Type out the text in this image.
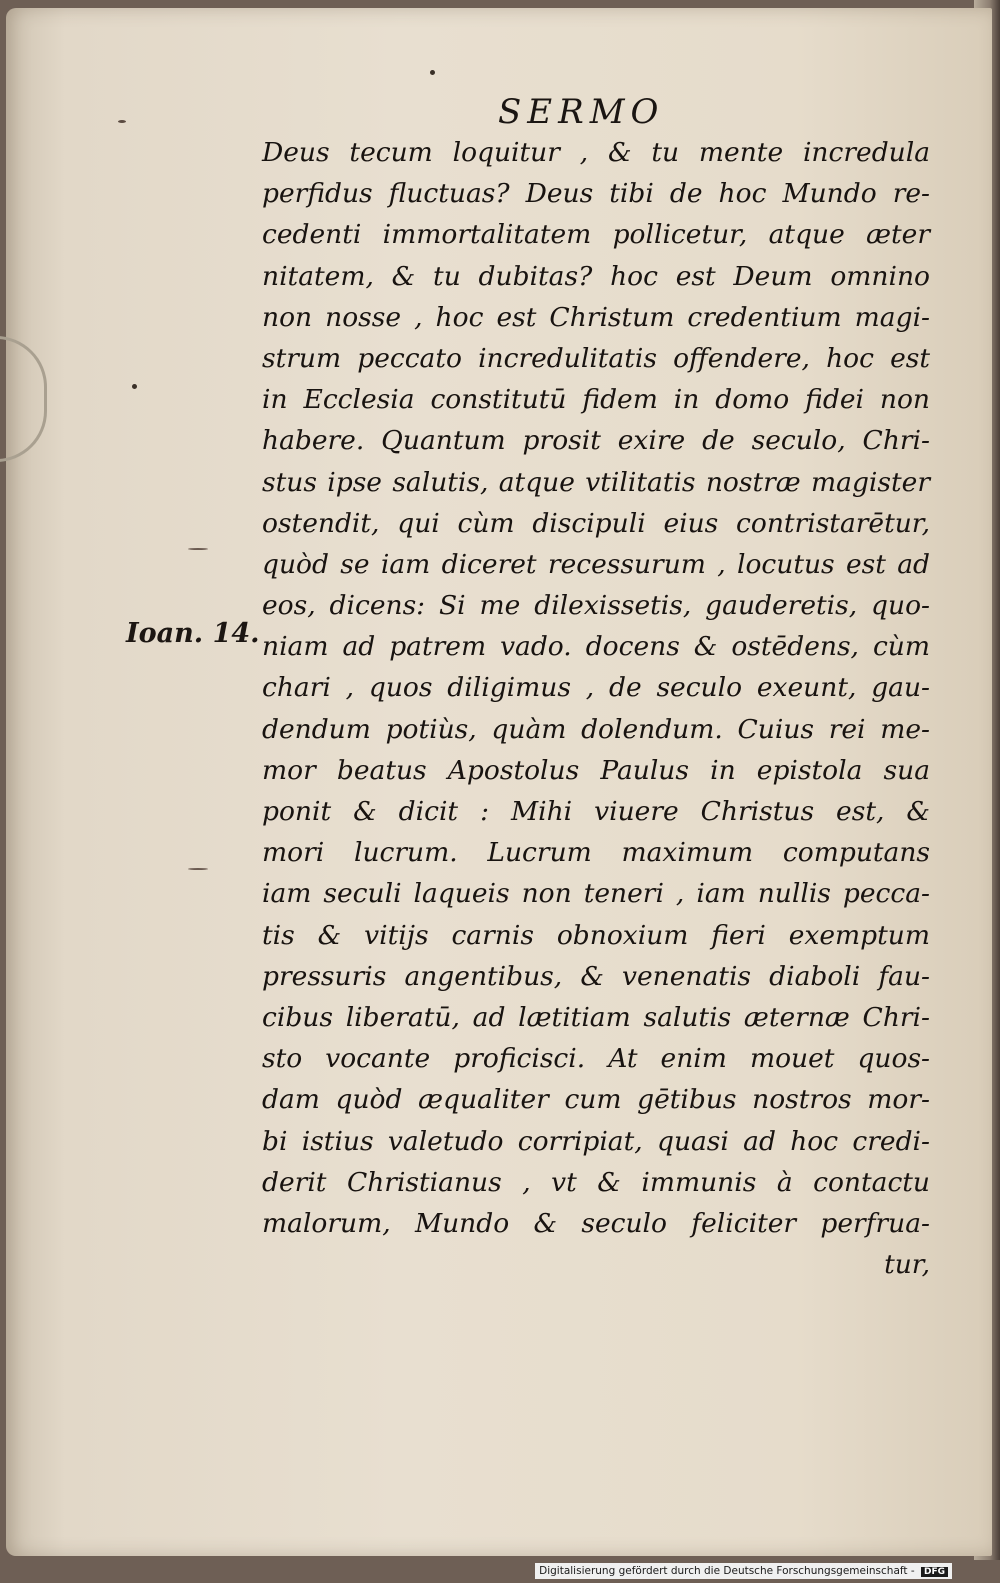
SERMO
Ioan. 14.
Deus tecum loquitur , & tu mente incredula
perfidus fluctuas? Deus tibi de hoc Mundo re-
cedenti immortalitatem pollicetur, atque æter
nitatem, & tu dubitas? hoc est Deum omnino
non nosse , hoc est Christum credentium magi-
strum peccato incredulitatis offendere, hoc est
in Ecclesia constitutū fidem in domo fidei non
habere. Quantum prosit exire de seculo, Chri-
stus ipse salutis, atque vtilitatis nostræ magister
ostendit, qui cùm discipuli eius contristarētur,
quòd se iam diceret recessurum , locutus est ad
eos, dicens: Si me dilexissetis, gauderetis, quo-
niam ad patrem vado. docens & ostēdens, cùm
chari , quos diligimus , de seculo exeunt, gau-
dendum potiùs, quàm dolendum. Cuius rei me-
mor beatus Apostolus Paulus in epistola sua
ponit & dicit : Mihi viuere Christus est, &
mori lucrum. Lucrum maximum computans
iam seculi laqueis non teneri , iam nullis pecca-
tis & vitijs carnis obnoxium fieri exemptum
pressuris angentibus, & venenatis diaboli fau-
cibus liberatū, ad lætitiam salutis æternæ Chri-
sto vocante proficisci. At enim mouet quos-
dam quòd æqualiter cum gētibus nostros mor-
bi istius valetudo corripiat, quasi ad hoc credi-
derit Christianus , vt & immunis à contactu
malorum, Mundo & seculo feliciter perfrua-
tur,
Digitalisierung gefördert durch die Deutsche Forschungsgemeinschaft - DFG
